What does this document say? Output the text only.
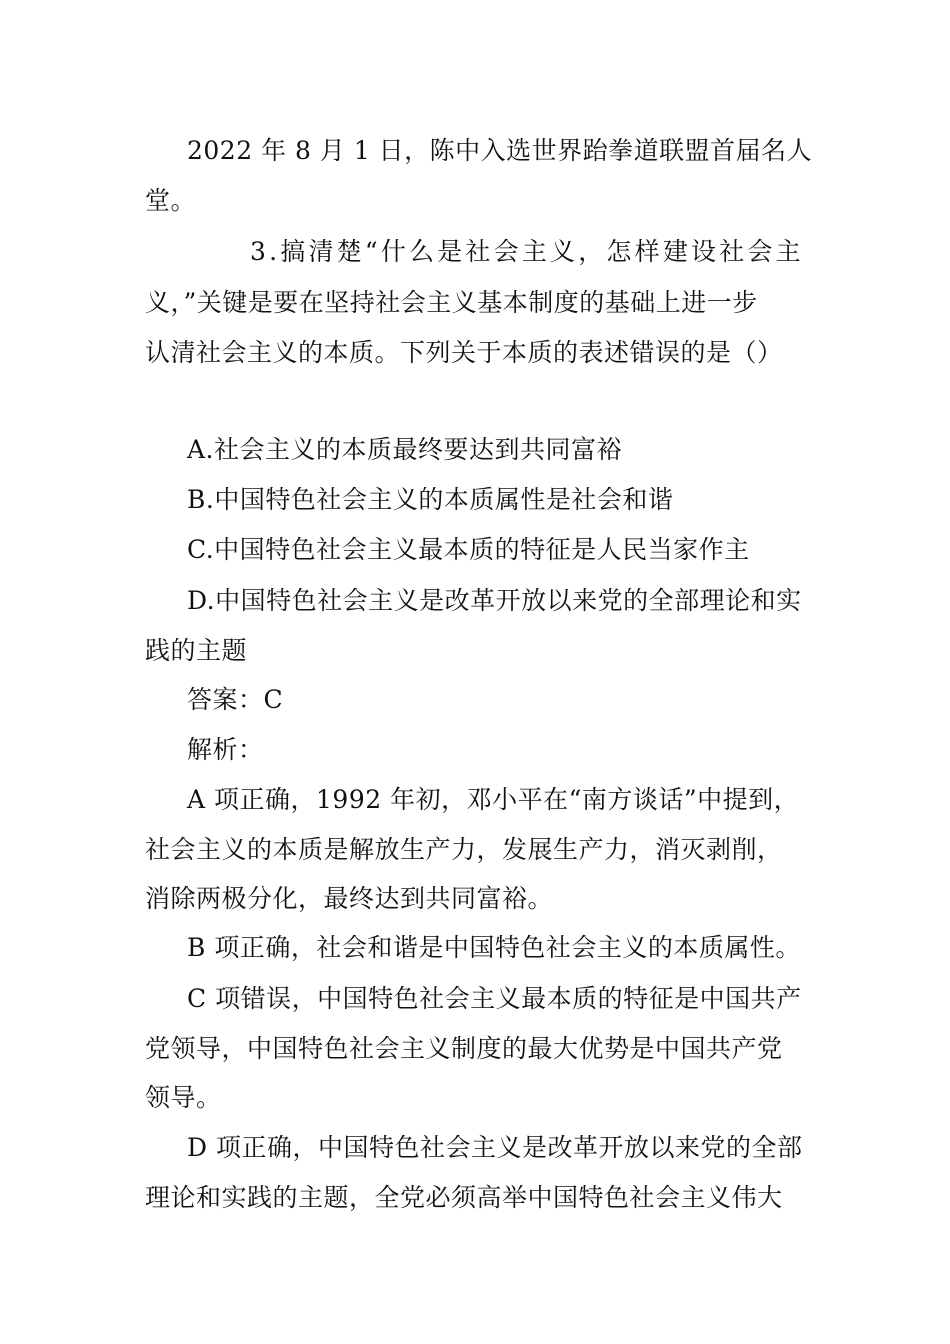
2022 年 8 月 1 日，陈中入选世界跆拳道联盟首届名人
堂。
3.搞清楚“什么是社会主义，怎样建设社会主
义，”关键是要在坚持社会主义基本制度的基础上进一步
认清社会主义的本质。下列关于本质的表述错误的是（）
A.社会主义的本质最终要达到共同富裕
B.中国特色社会主义的本质属性是社会和谐
C.中国特色社会主义最本质的特征是人民当家作主
D.中国特色社会主义是改革开放以来党的全部理论和实
践的主题
答案：C
解析：
A 项正确，1992 年初，邓小平在“南方谈话”中提到，
社会主义的本质是解放生产力，发展生产力，消灭剥削，
消除两极分化，最终达到共同富裕。
B 项正确，社会和谐是中国特色社会主义的本质属性。
C 项错误，中国特色社会主义最本质的特征是中国共产
党领导，中国特色社会主义制度的最大优势是中国共产党
领导。
D 项正确，中国特色社会主义是改革开放以来党的全部
理论和实践的主题，全党必须高举中国特色社会主义伟大
